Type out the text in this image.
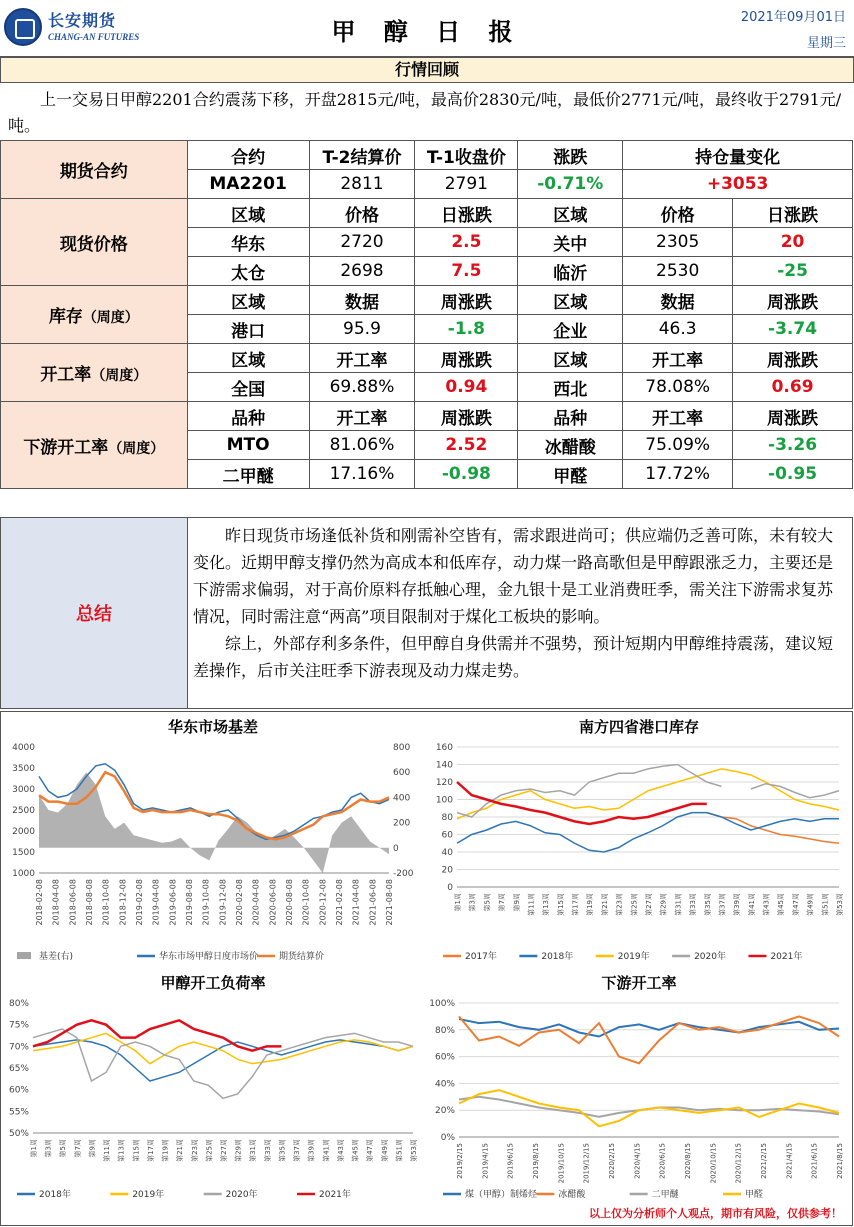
长安期货
CHANG-AN FUTURES	甲 醇 日 报
2021年09月01日
星期三
行情回顾
上一交易日甲醇2201合约震荡下移，开盘2815元/吨，最高价2830元/吨，最低价2771元/吨，最终收于2791元/吨。
期货合约	合约	T-2结算价	T-1收盘价	涨跌	持仓量变化	
	MA2201	2811	2791	-0.71%	+3053	
现货价格	区域	价格	日涨跌	区域	价格	日涨跌
	华东	2720	2.5	关中	2305	20
	太仓	2698	7.5	临沂	2530	-25
库存（周度）	区域	数据	周涨跌	区域	数据	周涨跌
	港口	95.9	-1.8	企业	46.3	-3.74
开工率（周度）	区域	开工率	周涨跌	区域	开工率	周涨跌
	全国	69.88%	0.94	西北	78.08%	0.69
下游开工率（周度）	品种	开工率	周涨跌	品种	开工率	周涨跌
	MTO	81.06%	2.52	冰醋酸	75.09%	-3.26
	二甲醚	17.16%	-0.98	甲醛	17.72%	-0.95
总结

昨日现货市场逢低补货和刚需补空皆有，需求跟进尚可；供应端仍乏善可陈，未有较大变化。近期甲醇支撑仍然为高成本和低库存，动力煤一路高歌但是甲醇跟涨乏力，主要还是下游需求偏弱，对于高价原料存抵触心理，金九银十是工业消费旺季，需关注下游需求复苏情况，同时需注意“两高”项目限制对于煤化工板块的影响。

综上，外部存利多条件，但甲醇自身供需并不强势，预计短期内甲醇维持震荡，建议短差操作，后市关注旺季下游表现及动力煤走势。

华东市场基差
1000
1500
2000
2500
3000
3500
4000
-200
0
200
400
600
800
2018-02-08 2018-04-08 2018-06-08 2018-08-08 2018-10-08 2018-12-08 2019-02-08 2019-04-08 2019-06-08 2019-08-08 2019-10-08 2019-12-08 2020-02-08 2020-04-08 2020-06-08 2020-08-08 2020-10-08 2020-12-08 2021-02-08 2021-04-08 2021-06-08 2021-08-08
基差(右)	华东市场甲醇日度市场价 期货结算价
南方四省港口库存
0
20
40
60
80
100
120
140
160
第1周 第3周 第5周 第7周 第9周 第11周 第13周 第15周 第17周 第19周 第21周 第23周 第25周 第27周 第29周 第31周 第33周 第35周 第37周 第39周 第41周 第43周 第45周 第47周 第49周 第51周 第53周
2017年	2018年	2019年	2020年	2021年
甲醇开工负荷率
50%
55%
60%
65%
70%
75%
80%
第1周 第3周 第5周 第7周 第9周 第11周 第13周 第15周 第17周 第19周 第21周 第23周 第25周 第27周 第29周 第31周 第33周 第35周 第37周 第39周 第41周 第43周 第45周 第47周 第49周 第51周 第53周
2018年	2019年	2020年	2021年
下游开工率
0%
20%
40%
60%
80%
100%
2019/2/15 2019/4/15 2019/6/15 2019/8/15 2019/10/15 2019/12/15 2020/2/15 2020/4/15 2020/6/15 2020/8/15 2020/10/15 2020/12/15 2021/2/15 2021/4/15 2021/6/15 2021/8/15
煤（甲醇）制烯烃 冰醋酸	二甲醚	甲醛
以上仅为分析师个人观点，期市有风险，仅供参考！
